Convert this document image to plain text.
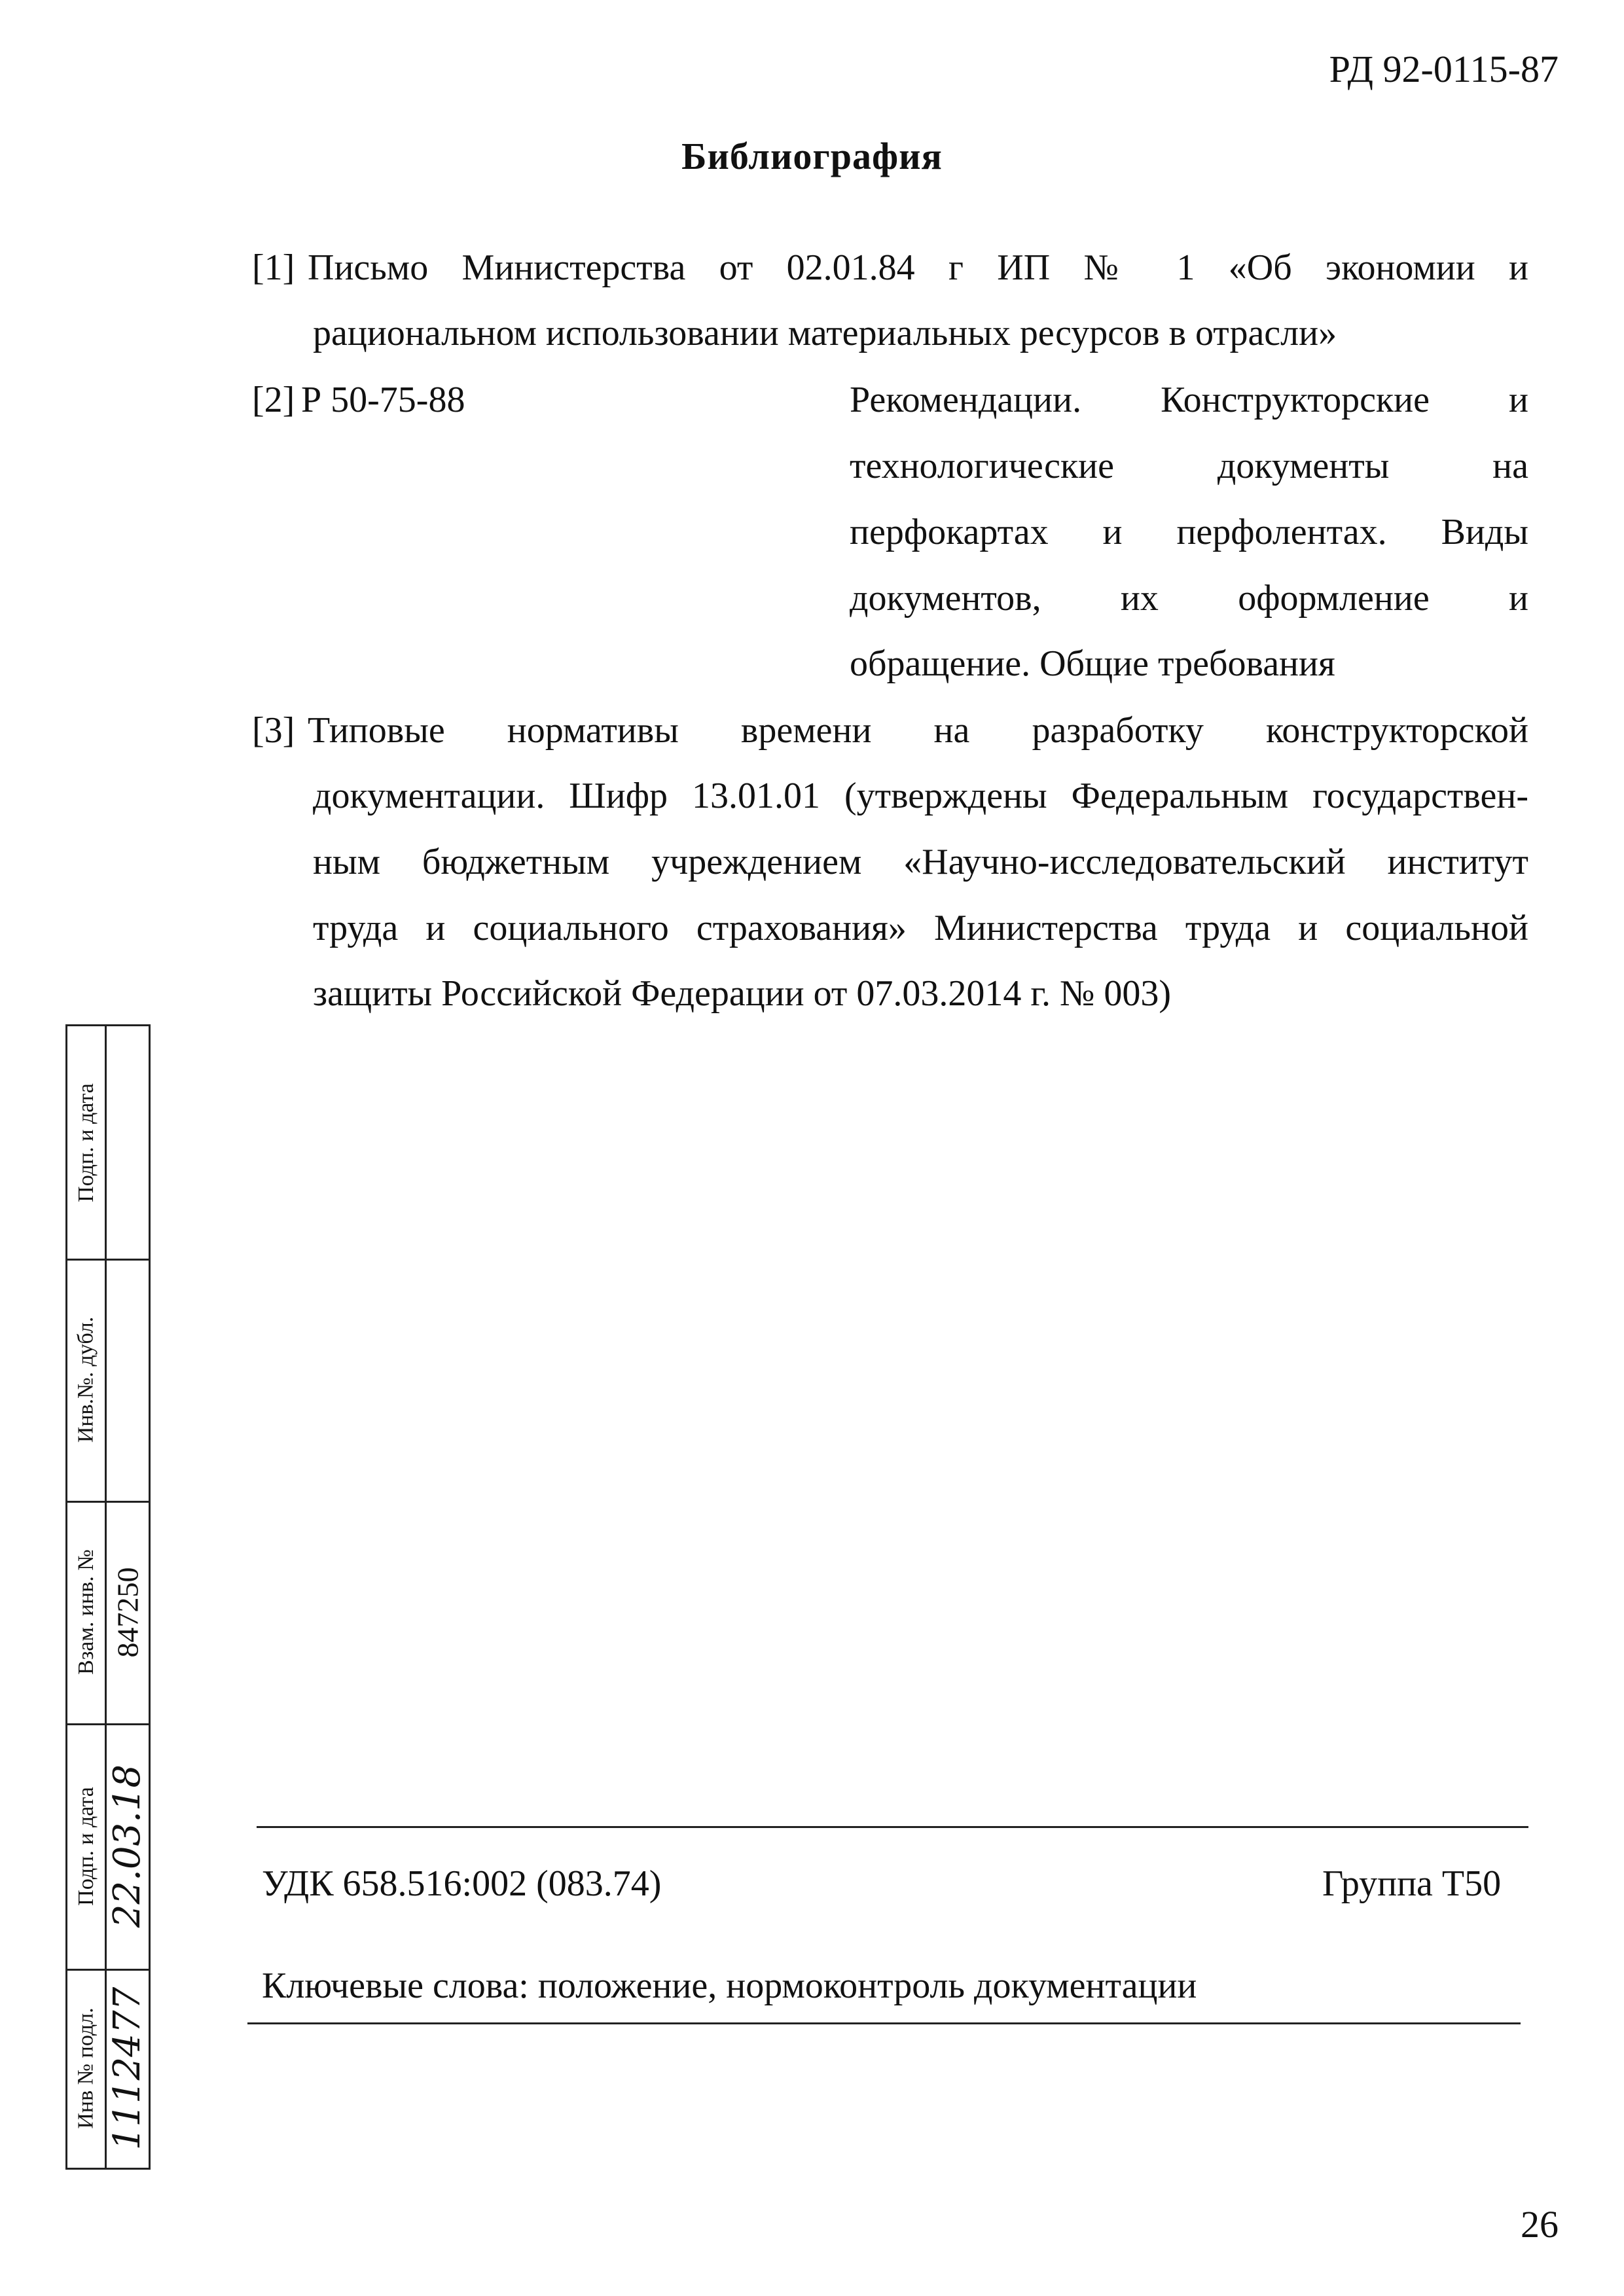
РД 92-0115-87
Библиография
[1] Письмо Министерства от 02.01.84 г ИП № 1 «Об экономии и
рациональном использовании материальных ресурсов в отрасли»
[2] Р 50-75-88	Рекомендации. Конструкторские и
технологические документы на
перфокартах и перфолентах. Виды
документов, их оформление и
обращение. Общие требования
[3] Типовые нормативы времени на разработку конструкторской
документации. Шифр 13.01.01 (утверждены Федеральным государствен-
ным бюджетным учреждением «Научно-исследовательский институт
труда и социального страхования» Министерства труда и социальной
защиты Российской Федерации от 07.03.2014 г. № 003)
УДК 658.516:002 (083.74)	Группа Т50
Ключевые слова: положение, нормоконтроль документации
Подп. и дата
Инв.№. дубл.
Взам. инв. №
Подп. и дата
Инв № подл.
847250
22.03.18
1112477
26
